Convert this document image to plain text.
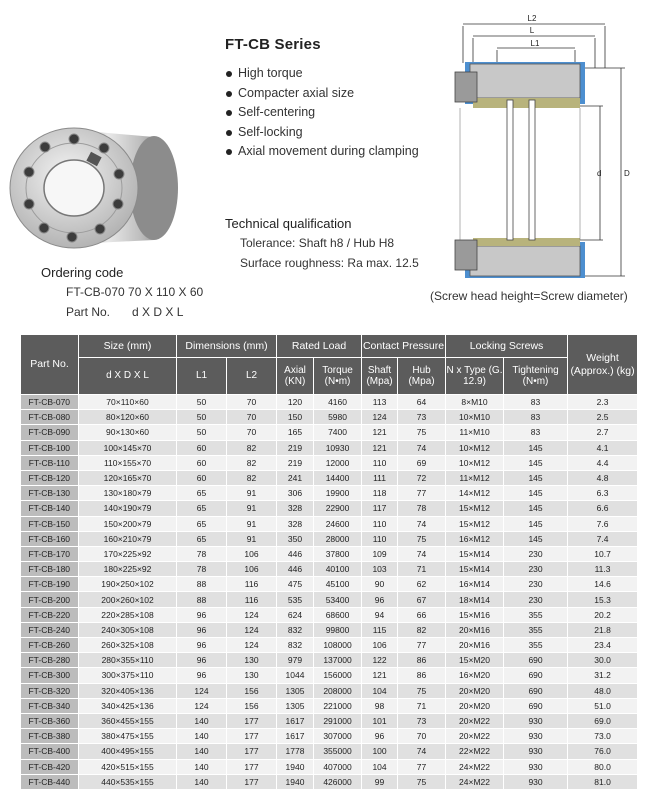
FT-CB Series
High torque
Compacter axial size
Self-centering
Self-locking
Axial movement during clamping
Technical qualification
Tolerance: Shaft h8 / Hub H8
Surface roughness: Ra max. 12.5
Ordering code
FT-CB-070 70 X 110 X 60
Part No. d X D X L
(Screw head height=Screw diameter)
L2
L
L1
d	D
Part No.	Size (mm)	Dimensions (mm)		Rated Load		Contact Pressure		Locking Screws		Weight (Approx.) (kg)
	d X D X L	L1	L2	Axial (KN)	Torque (N•m)	Shaft (Mpa)	Hub (Mpa)	N x Type (G. 12.9)	Tightening (N•m)	
FT-CB-070	70×110×60	50	70	120	4160	113	64	8×M10	83	2.3
FT-CB-080	80×120×60	50	70	150	5980	124	73	10×M10	83	2.5
FT-CB-090	90×130×60	50	70	165	7400	121	75	11×M10	83	2.7
FT-CB-100	100×145×70	60	82	219	10930	121	74	10×M12	145	4.1
FT-CB-110	110×155×70	60	82	219	12000	110	69	10×M12	145	4.4
FT-CB-120	120×165×70	60	82	241	14400	111	72	11×M12	145	4.8
FT-CB-130	130×180×79	65	91	306	19900	118	77	14×M12	145	6.3
FT-CB-140	140×190×79	65	91	328	22900	117	78	15×M12	145	6.6
FT-CB-150	150×200×79	65	91	328	24600	110	74	15×M12	145	7.6
FT-CB-160	160×210×79	65	91	350	28000	110	75	16×M12	145	7.4
FT-CB-170	170×225×92	78	106	446	37800	109	74	15×M14	230	10.7
FT-CB-180	180×225×92	78	106	446	40100	103	71	15×M14	230	11.3
FT-CB-190	190×250×102	88	116	475	45100	90	62	16×M14	230	14.6
FT-CB-200	200×260×102	88	116	535	53400	96	67	18×M14	230	15.3
FT-CB-220	220×285×108	96	124	624	68600	94	66	15×M16	355	20.2
FT-CB-240	240×305×108	96	124	832	99800	115	82	20×M16	355	21.8
FT-CB-260	260×325×108	96	124	832	108000	106	77	20×M16	355	23.4
FT-CB-280	280×355×110	96	130	979	137000	122	86	15×M20	690	30.0
FT-CB-300	300×375×110	96	130	1044	156000	121	86	16×M20	690	31.2
FT-CB-320	320×405×136	124	156	1305	208000	104	75	20×M20	690	48.0
FT-CB-340	340×425×136	124	156	1305	221000	98	71	20×M20	690	51.0
FT-CB-360	360×455×155	140	177	1617	291000	101	73	20×M22	930	69.0
FT-CB-380	380×475×155	140	177	1617	307000	96	70	20×M22	930	73.0
FT-CB-400	400×495×155	140	177	1778	355000	100	74	22×M22	930	76.0
FT-CB-420	420×515×155	140	177	1940	407000	104	77	24×M22	930	80.0
FT-CB-440	440×535×155	140	177	1940	426000	99	75	24×M22	930	81.0
